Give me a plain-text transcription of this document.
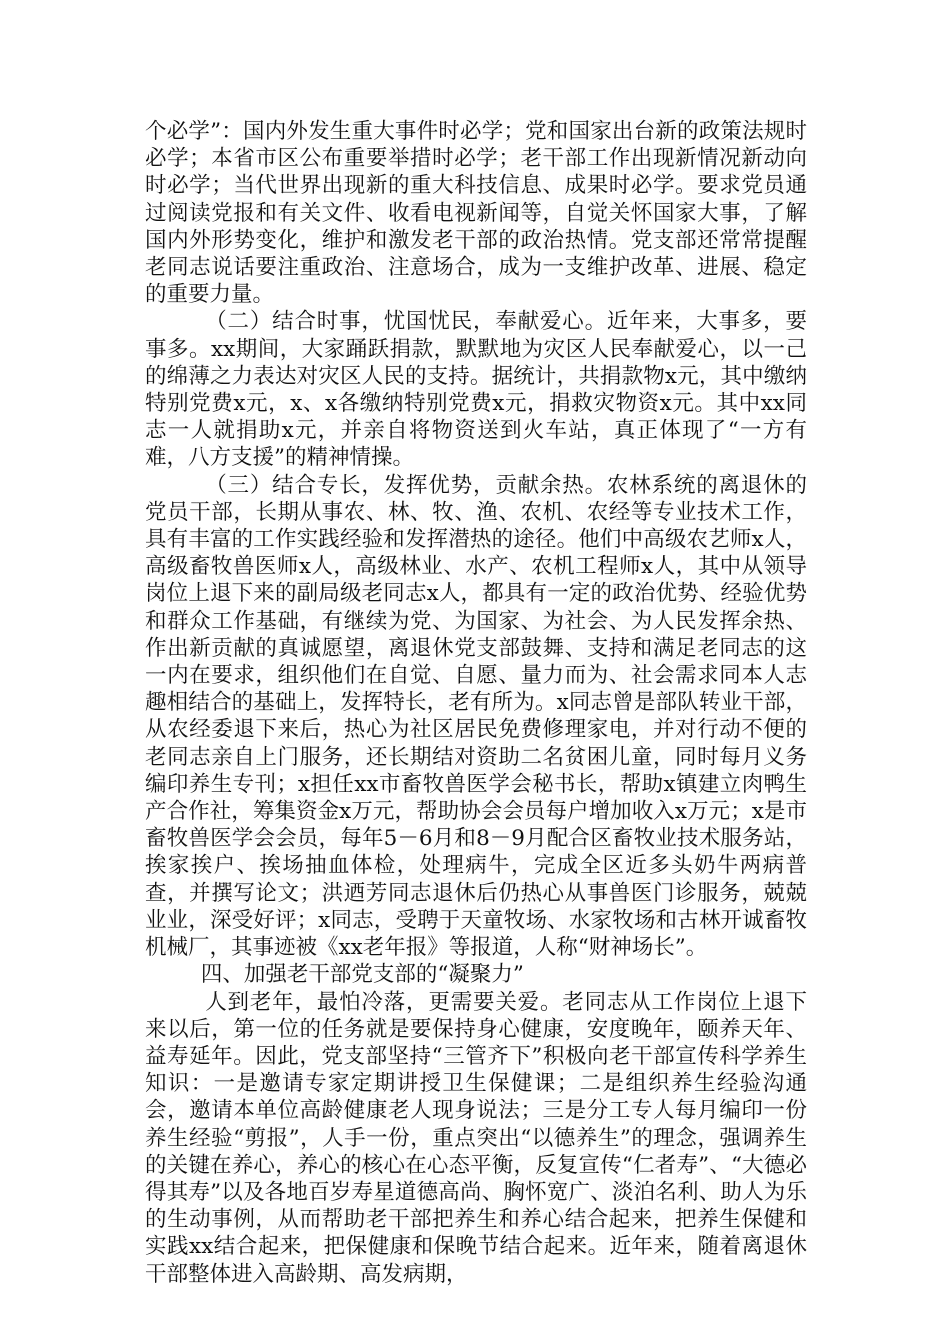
个必学”：国内外发生重大事件时必学；党和国家出台新的政策法规时必学；本省市区公布重要举措时必学；老干部工作出现新情况新动向时必学；当代世界出现新的重大科技信息、成果时必学。要求党员通过阅读党报和有关文件、收看电视新闻等，自觉关怀国家大事，了解国内外形势变化，维护和激发老干部的政治热情。党支部还常常提醒老同志说话要注重政治、注意场合，成为一支维护改革、进展、稳定的重要力量。

（二）结合时事，忧国忧民，奉献爱心。近年来，大事多，要事多。xx期间，大家踊跃捐款，默默地为灾区人民奉献爱心，以一己的绵薄之力表达对灾区人民的支持。据统计，共捐款物x元，其中缴纳特别党费x元，x、x各缴纳特别党费x元，捐救灾物资x元。其中xx同志一人就捐助x元，并亲自将物资送到火车站，真正体现了“一方有难，八方支援”的精神情操。

（三）结合专长，发挥优势，贡献余热。农林系统的离退休的党员干部，长期从事农、林、牧、渔、农机、农经等专业技术工作，具有丰富的工作实践经验和发挥潜热的途径。他们中高级农艺师x人，高级畜牧兽医师x人，高级林业、水产、农机工程师x人，其中从领导岗位上退下来的副局级老同志x人，都具有一定的政治优势、经验优势和群众工作基础，有继续为党、为国家、为社会、为人民发挥余热、作出新贡献的真诚愿望，离退休党支部鼓舞、支持和满足老同志的这一内在要求，组织他们在自觉、自愿、量力而为、社会需求同本人志趣相结合的基础上，发挥特长，老有所为。x同志曾是部队转业干部，从农经委退下来后，热心为社区居民免费修理家电，并对行动不便的老同志亲自上门服务，还长期结对资助二名贫困儿童，同时每月义务编印养生专刊；x担任xx市畜牧兽医学会秘书长，帮助x镇建立肉鸭生产合作社，筹集资金x万元，帮助协会会员每户增加收入x万元；x是市畜牧兽医学会会员，每年5－6月和8－9月配合区畜牧业技术服务站，挨家挨户、挨场抽血体检，处理病牛，完成全区近多头奶牛两病普查，并撰写论文；洪迺芳同志退休后仍热心从事兽医门诊服务，兢兢业业，深受好评；x同志，受聘于天童牧场、水家牧场和古林开诚畜牧机械厂，其事迹被《xx老年报》等报道，人称“财神场长”。

四、加强老干部党支部的“凝聚力”

人到老年，最怕冷落，更需要关爱。老同志从工作岗位上退下来以后，第一位的任务就是要保持身心健康，安度晚年，颐养天年、益寿延年。因此，党支部坚持“三管齐下”积极向老干部宣传科学养生知识：一是邀请专家定期讲授卫生保健课；二是组织养生经验沟通会，邀请本单位高龄健康老人现身说法；三是分工专人每月编印一份养生经验“剪报”，人手一份，重点突出“以德养生”的理念，强调养生的关键在养心，养心的核心在心态平衡，反复宣传“仁者寿”、“大德必得其寿”以及各地百岁寿星道德高尚、胸怀宽广、淡泊名利、助人为乐的生动事例，从而帮助老干部把养生和养心结合起来，把养生保健和实践xx结合起来，把保健康和保晚节结合起来。近年来，随着离退休干部整体进入高龄期、高发病期，
